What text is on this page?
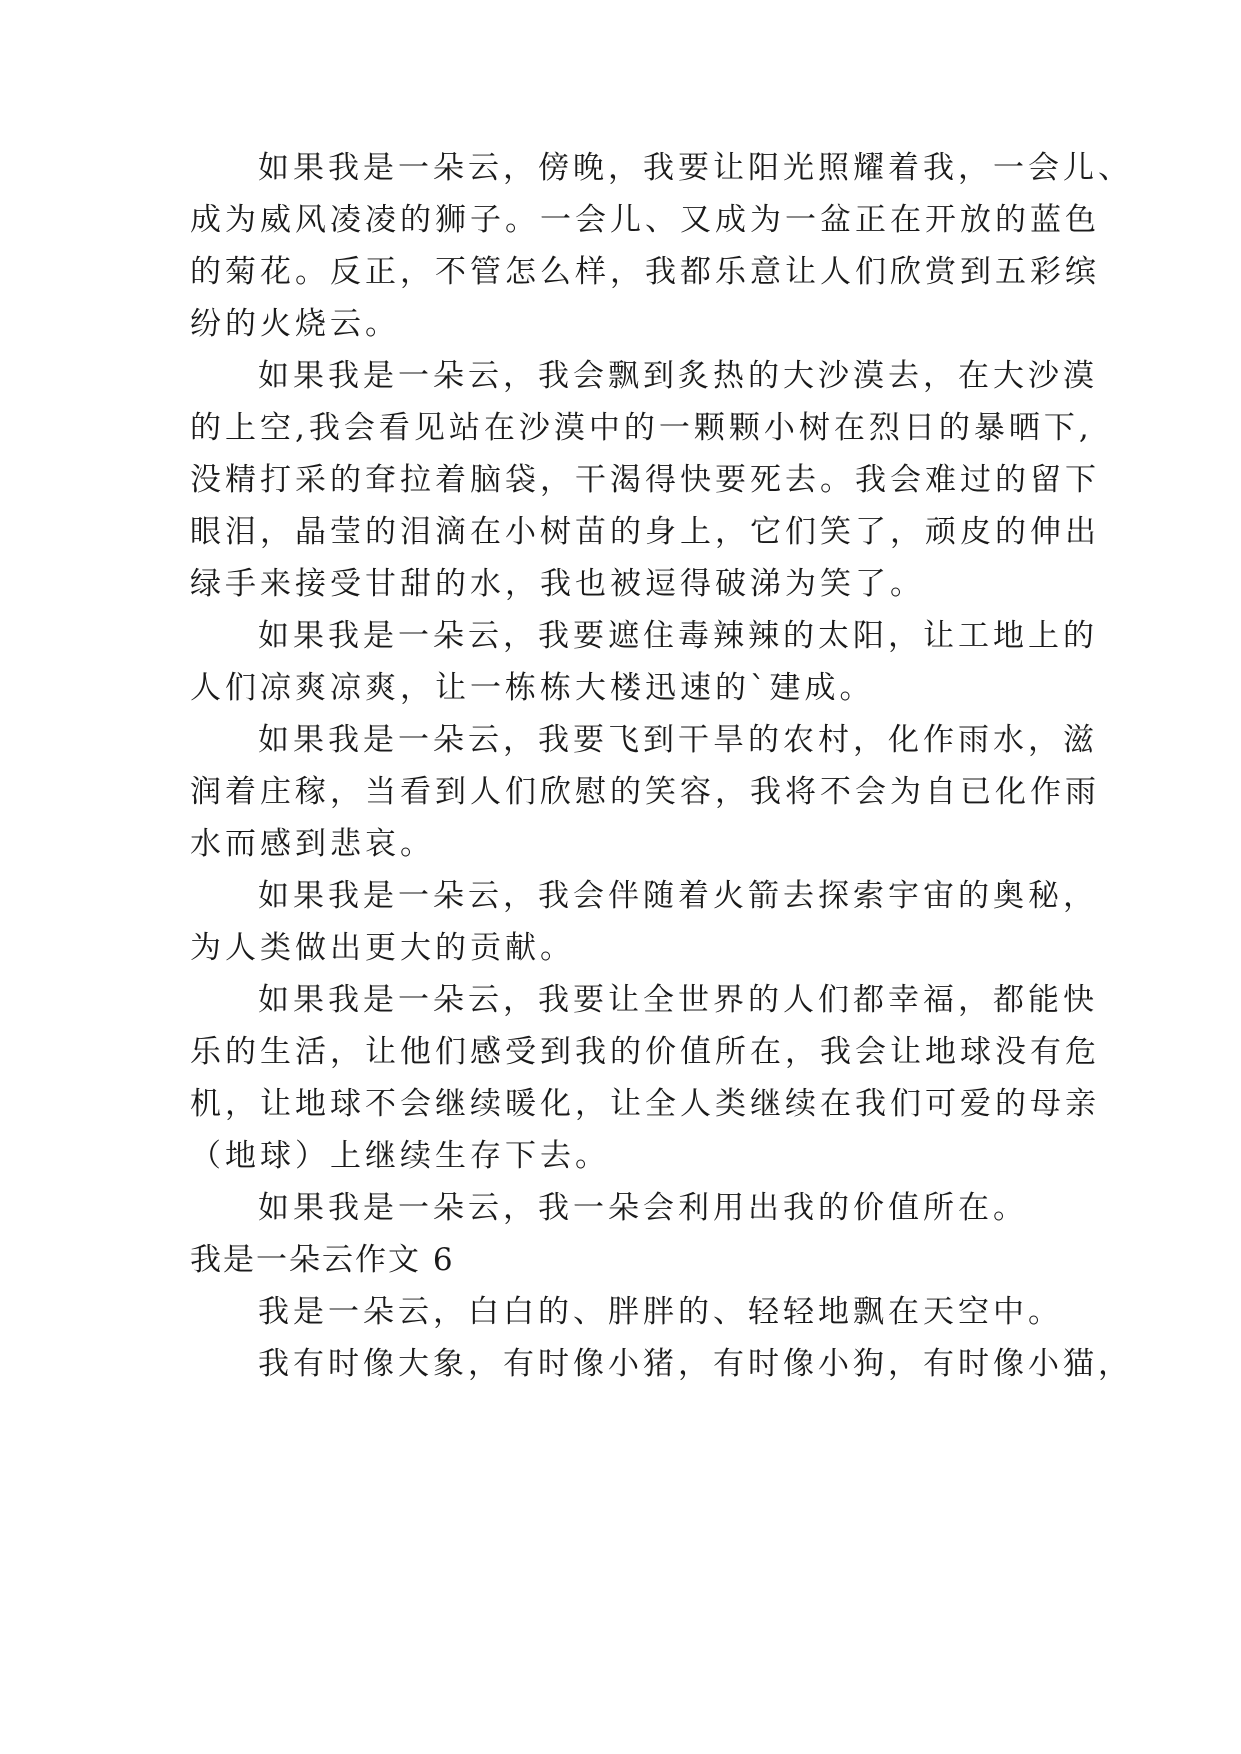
如果我是一朵云，傍晚，我要让阳光照耀着我，一会儿、
成为威风凌凌的狮子。一会儿、又成为一盆正在开放的蓝色
的菊花。反正，不管怎么样，我都乐意让人们欣赏到五彩缤
纷的火烧云。
如果我是一朵云，我会飘到炙热的大沙漠去，在大沙漠
的上空,我会看见站在沙漠中的一颗颗小树在烈日的暴晒下,
没精打采的耷拉着脑袋，干渴得快要死去。我会难过的留下
眼泪，晶莹的泪滴在小树苗的身上，它们笑了，顽皮的伸出
绿手来接受甘甜的水，我也被逗得破涕为笑了。
如果我是一朵云，我要遮住毒辣辣的太阳，让工地上的
人们凉爽凉爽，让一栋栋大楼迅速的`建成。
如果我是一朵云，我要飞到干旱的农村，化作雨水，滋
润着庄稼，当看到人们欣慰的笑容，我将不会为自已化作雨
水而感到悲哀。
如果我是一朵云，我会伴随着火箭去探索宇宙的奥秘，
为人类做出更大的贡献。
如果我是一朵云，我要让全世界的人们都幸福，都能快
乐的生活，让他们感受到我的价值所在，我会让地球没有危
机，让地球不会继续暖化，让全人类继续在我们可爱的母亲
（地球）上继续生存下去。
如果我是一朵云，我一朵会利用出我的价值所在。
我是一朵云作文 6
我是一朵云，白白的、胖胖的、轻轻地飘在天空中。
我有时像大象，有时像小猪，有时像小狗，有时像小猫，
